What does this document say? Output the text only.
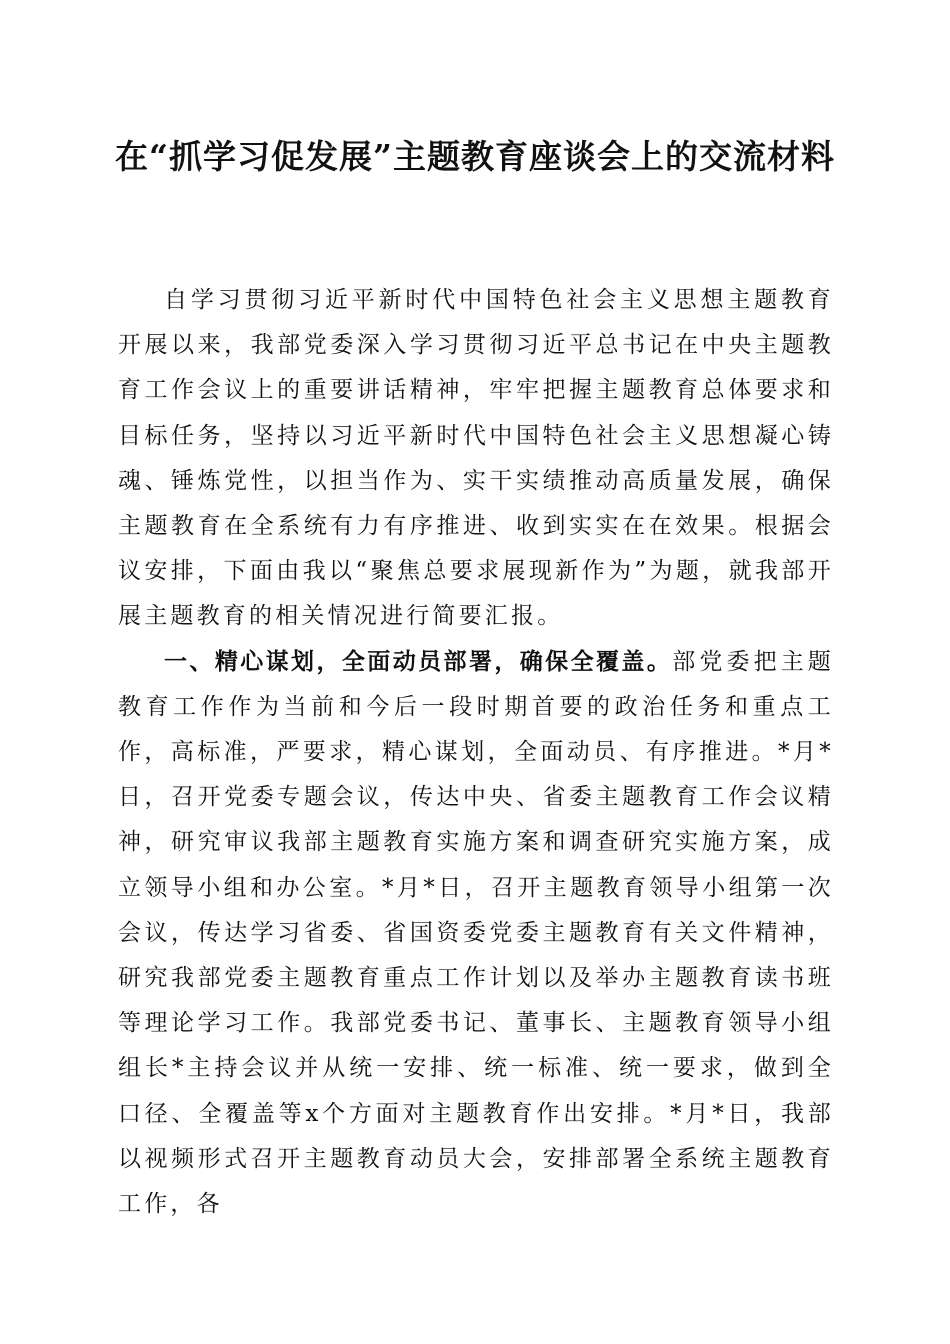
在“抓学习促发展”主题教育座谈会上的交流材料

自学习贯彻习近平新时代中国特色社会主义思想主题教育开展以来，我部党委深入学习贯彻习近平总书记在中央主题教育工作会议上的重要讲话精神，牢牢把握主题教育总体要求和目标任务，坚持以习近平新时代中国特色社会主义思想凝心铸魂、锤炼党性，以担当作为、实干实绩推动高质量发展，确保主题教育在全系统有力有序推进、收到实实在在效果。根据会议安排，下面由我以“聚焦总要求展现新作为”为题，就我部开展主题教育的相关情况进行简要汇报。

一、精心谋划，全面动员部署，确保全覆盖。部党委把主题教育工作作为当前和今后一段时期首要的政治任务和重点工作，高标准，严要求，精心谋划，全面动员、有序推进。*月*日，召开党委专题会议，传达中央、省委主题教育工作会议精神，研究审议我部主题教育实施方案和调查研究实施方案，成立领导小组和办公室。*月*日，召开主题教育领导小组第一次会议，传达学习省委、省国资委党委主题教育有关文件精神，研究我部党委主题教育重点工作计划以及举办主题教育读书班等理论学习工作。我部党委书记、董事长、主题教育领导小组组长*主持会议并从统一安排、统一标准、统一要求，做到全口径、全覆盖等x个方面对主题教育作出安排。*月*日，我部以视频形式召开主题教育动员大会，安排部署全系统主题教育工作，各
